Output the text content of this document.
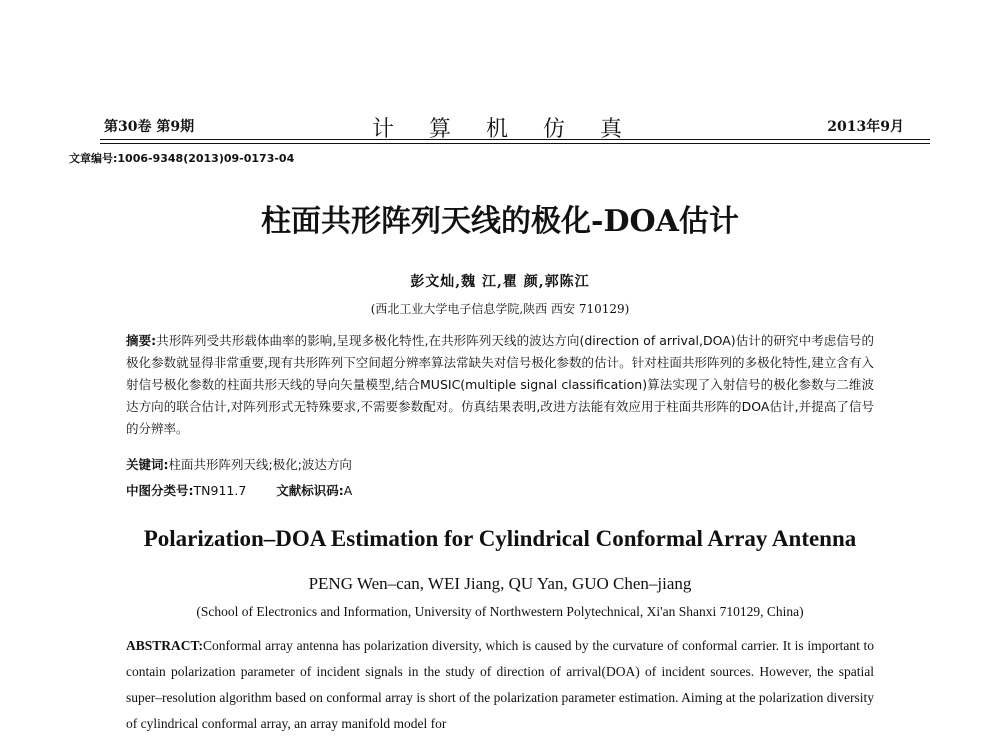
第30卷 第9期	计 算 机 仿 真	2013年9月
文章编号:1006-9348(2013)09-0173-04
柱面共形阵列天线的极化-DOA估计
彭文灿,魏 江,瞿 颜,郭陈江
(西北工业大学电子信息学院,陕西 西安 710129)
摘要:共形阵列受共形载体曲率的影响,呈现多极化特性,在共形阵列天线的波达方向(direction of arrival,DOA)估计的研究中考虑信号的极化参数就显得非常重要,现有共形阵列下空间超分辨率算法常缺失对信号极化参数的估计。针对柱面共形阵列的多极化特性,建立含有入射信号极化参数的柱面共形天线的导向矢量模型,结合MUSIC(multiple signal classification)算法实现了入射信号的极化参数与二维波达方向的联合估计,对阵列形式无特殊要求,不需要参数配对。仿真结果表明,改进方法能有效应用于柱面共形阵的DOA估计,并提高了信号的分辨率。
关键词:柱面共形阵列天线;极化;波达方向
中图分类号:TN911.7 文献标识码:A
Polarization–DOA Estimation for Cylindrical Conformal Array Antenna
PENG Wen–can, WEI Jiang, QU Yan, GUO Chen–jiang
(School of Electronics and Information, University of Northwestern Polytechnical, Xi'an Shanxi 710129, China)
ABSTRACT:Conformal array antenna has polarization diversity, which is caused by the curvature of conformal carrier. It is important to contain polarization parameter of incident signals in the study of direction of arrival(DOA) of incident sources. However, the spatial super–resolution algorithm based on conformal array is short of the polarization parameter estimation. Aiming at the polarization diversity of cylindrical conformal array, an array manifold model for
